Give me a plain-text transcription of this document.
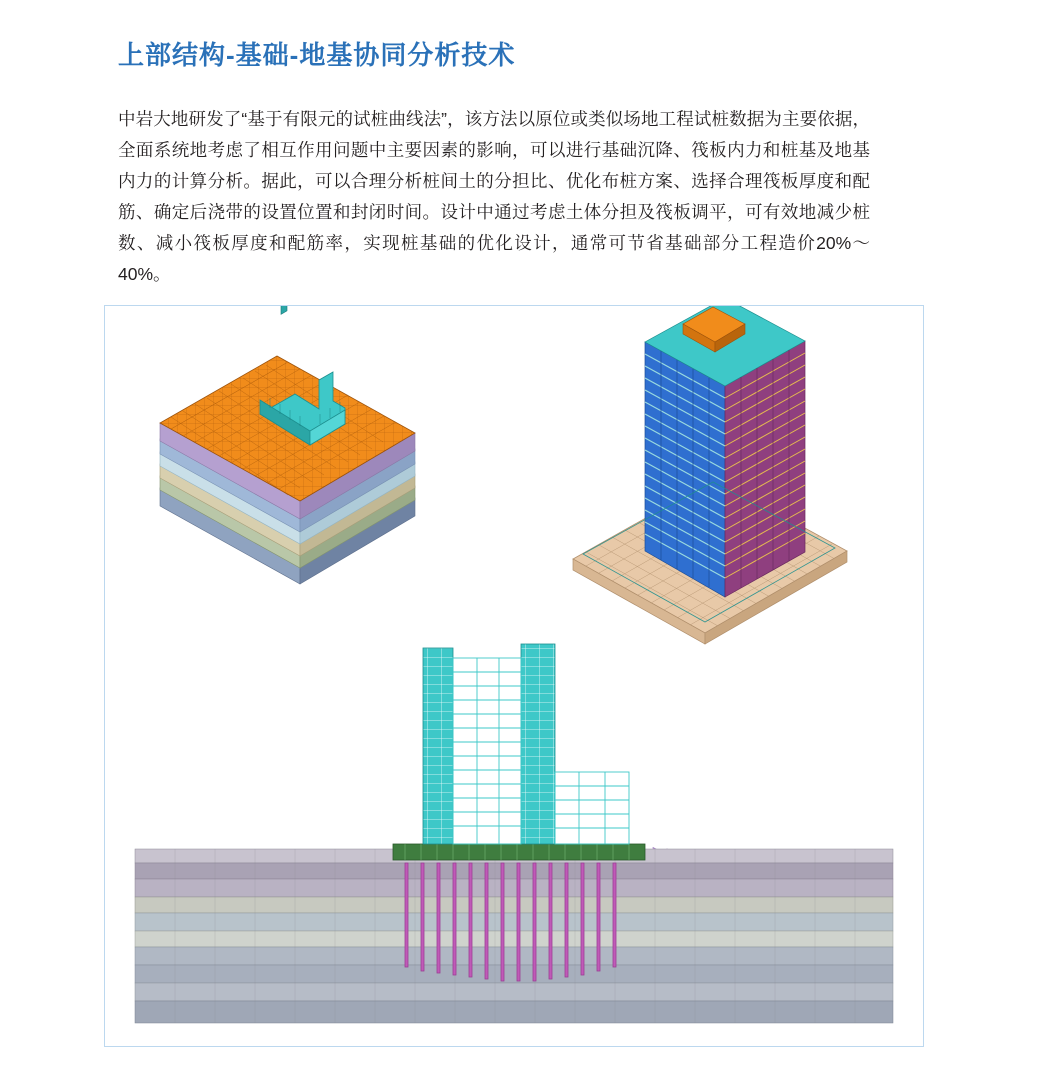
上部结构-基础-地基协同分析技术

中岩大地研发了“基于有限元的试桩曲线法”，该方法以原位或类似场地工程试桩数据为主要依据，全面系统地考虑了相互作用问题中主要因素的影响，可以进行基础沉降、筏板内力和桩基及地基内力的计算分析。据此，可以合理分析桩间土的分担比、优化布桩方案、选择合理筏板厚度和配筋、确定后浇带的设置位置和封闭时间。设计中通过考虑土体分担及筏板调平，可有效地减少桩数、减小筏板厚度和配筋率，实现桩基础的优化设计，通常可节省基础部分工程造价20%～40%。
